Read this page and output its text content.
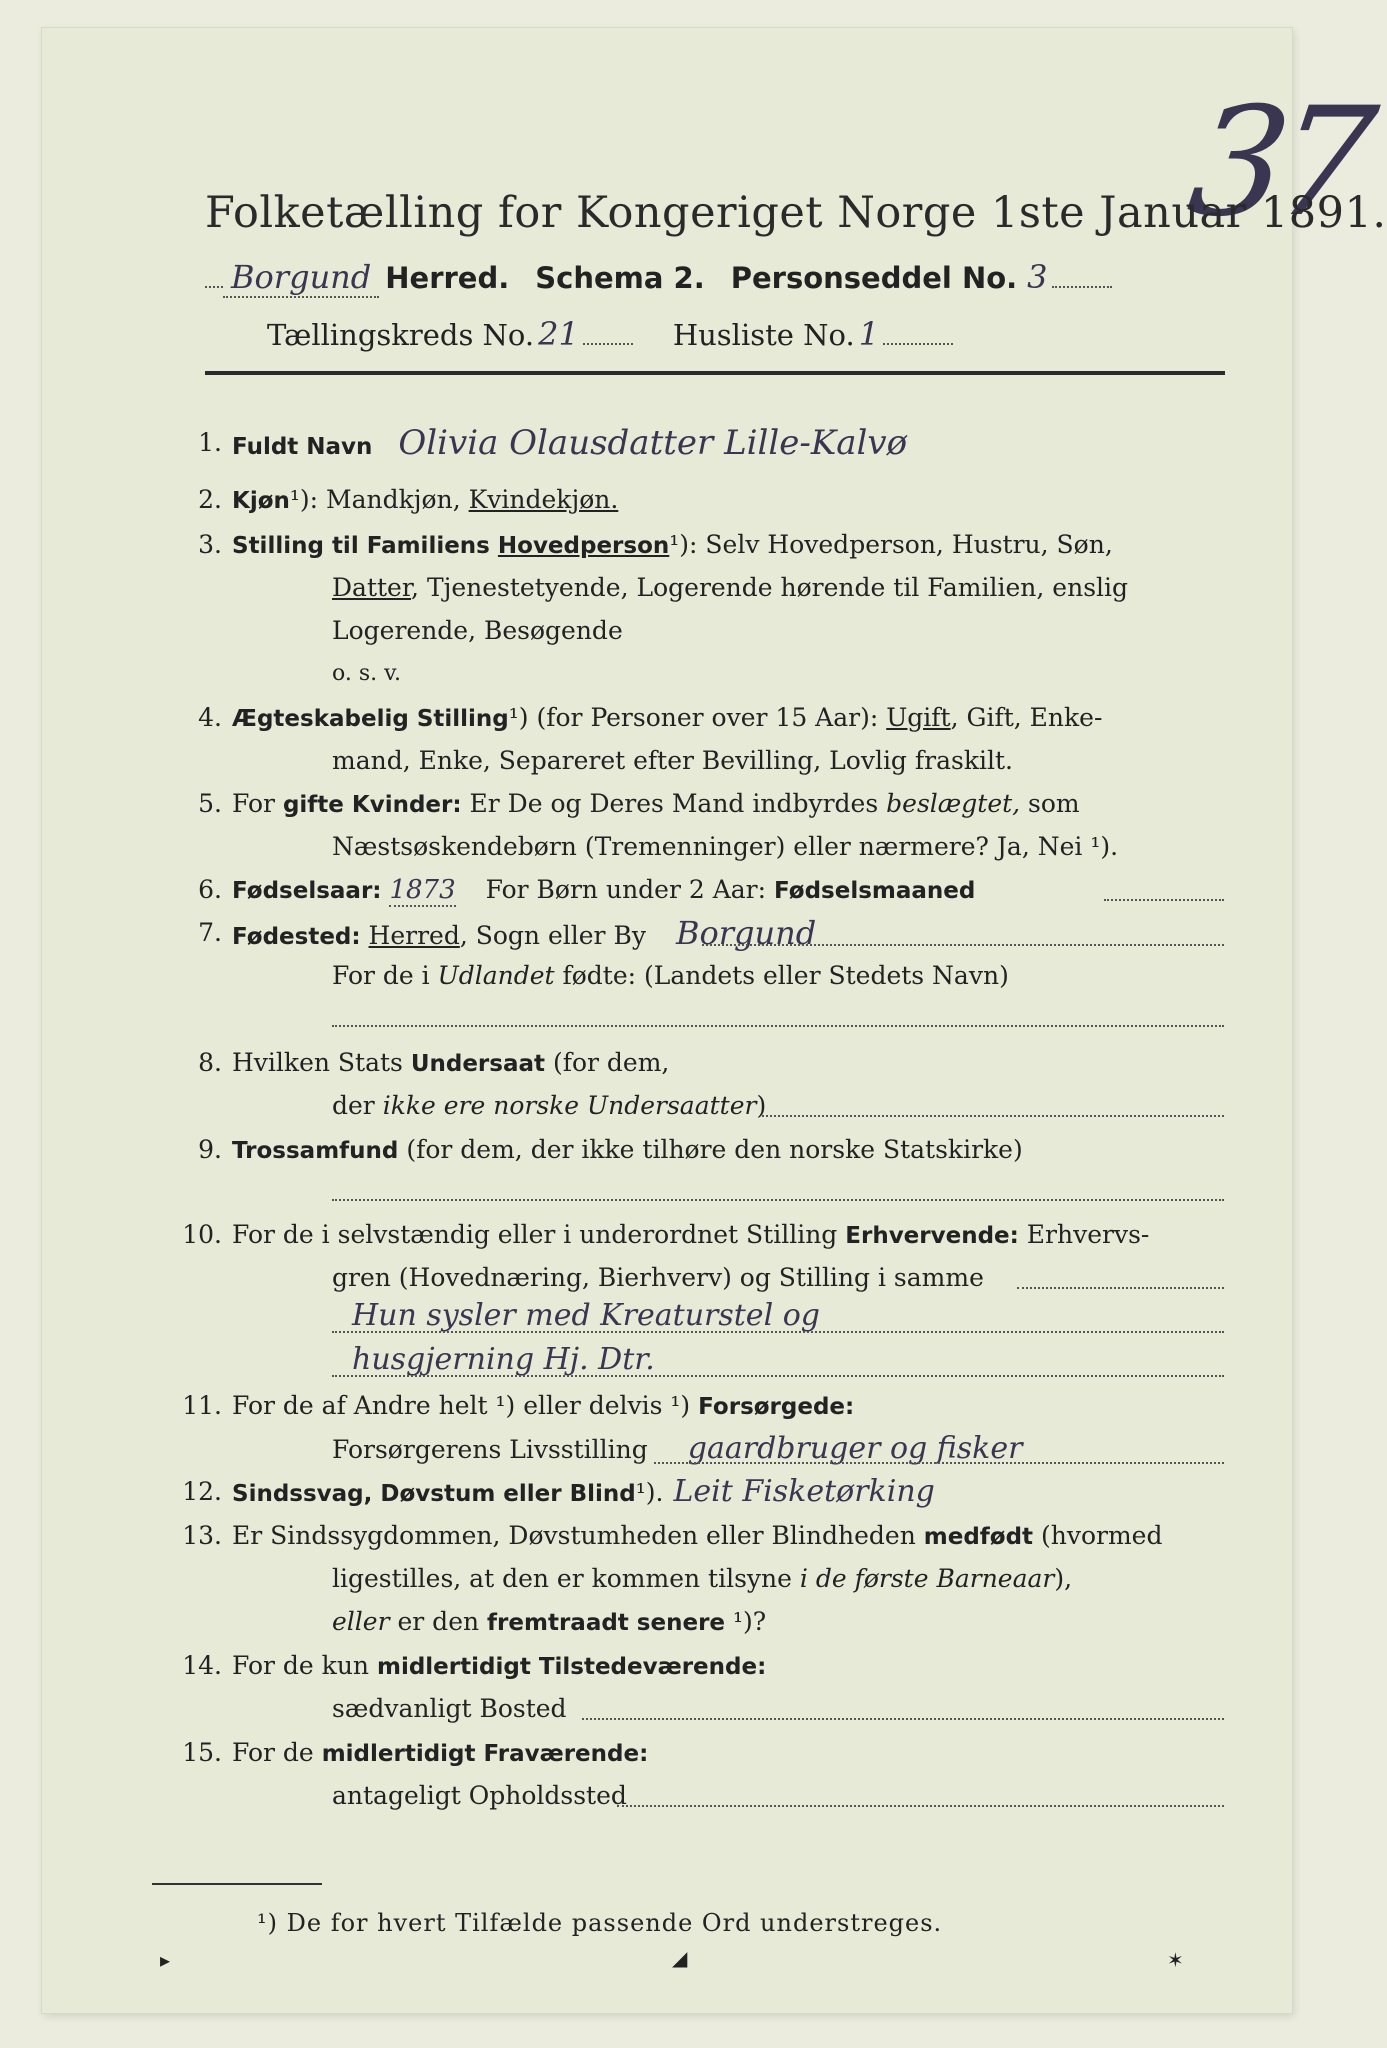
37
Folketælling for Kongeriget Norge 1ste Januar 1891.
Borgund Herred. Schema 2. Personseddel No. 3
Tællingskreds No. 21	Husliste No. 1
1. Fuldt Navn Olivia Olausdatter Lille-Kalvø
2. Kjøn¹): Mandkjøn, Kvindekjøn.
3. Stilling til Familiens Hovedperson¹): Selv Hovedperson, Hustru, Søn,
Datter, Tjenestetyende, Logerende hørende til Familien, enslig
Logerende, Besøgende
o. s. v.
4. Ægteskabelig Stilling¹) (for Personer over 15 Aar): Ugift, Gift, Enke-
mand, Enke, Separeret efter Bevilling, Lovlig fraskilt.
5. For gifte Kvinder: Er De og Deres Mand indbyrdes beslægtet, som
Næstsøskendebørn (Tremenninger) eller nærmere? Ja, Nei ¹).
6. Fødselsaar: 1873 For Børn under 2 Aar: Fødselsmaaned
7. Fødested: Herred, Sogn eller By Borgund
For de i Udlandet fødte: (Landets eller Stedets Navn)
8. Hvilken Stats Undersaat (for dem,
der ikke ere norske Undersaatter)
9. Trossamfund (for dem, der ikke tilhøre den norske Statskirke)
10. For de i selvstændig eller i underordnet Stilling Erhvervende: Erhvervs-
gren (Hovednæring, Bierhverv) og Stilling i samme
Hun sysler med Kreaturstel og
husgjerning Hj. Dtr.
11. For de af Andre helt ¹) eller delvis ¹) Forsørgede:
Forsørgerens Livsstilling gaardbruger og fisker
12. Sindssvag, Døvstum eller Blind¹). Leit Fisketørking
13. Er Sindssygdommen, Døvstumheden eller Blindheden medfødt (hvormed
ligestilles, at den er kommen tilsyne i de første Barneaar),
eller er den fremtraadt senere ¹)?
14. For de kun midlertidigt Tilstedeværende:
sædvanligt Bosted
15. For de midlertidigt Fraværende:
antageligt Opholdssted
¹) De for hvert Tilfælde passende Ord understreges.
▸	◢	✶
